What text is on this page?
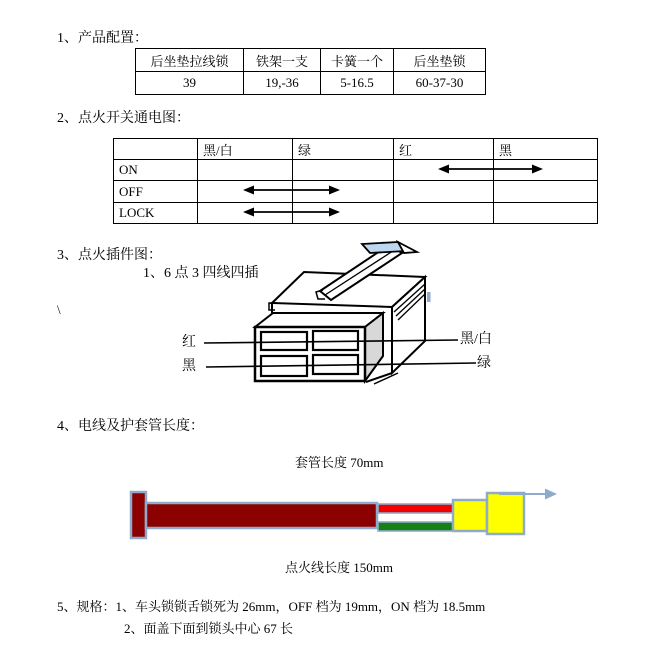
1、产品配置：
2、点火开关通电图：
3、点火插件图：
1、6 点 3 四线四插
\
4、电线及护套管长度：
5、规格：1、车头锁锁舌锁死为 26mm，OFF 档为 19mm，ON 档为 18.5mm
2、面盖下面到锁头中心 67 长
后坐垫拉线锁	铁架一支	卡簧一个	后坐垫锁
39	19,-36	5-16.5	60-37-30
	黑/白	绿	红	黑
ON				
OFF				
LOCK				
红
黑
黑/白
绿
套管长度 70mm
点火线长度 150mm
